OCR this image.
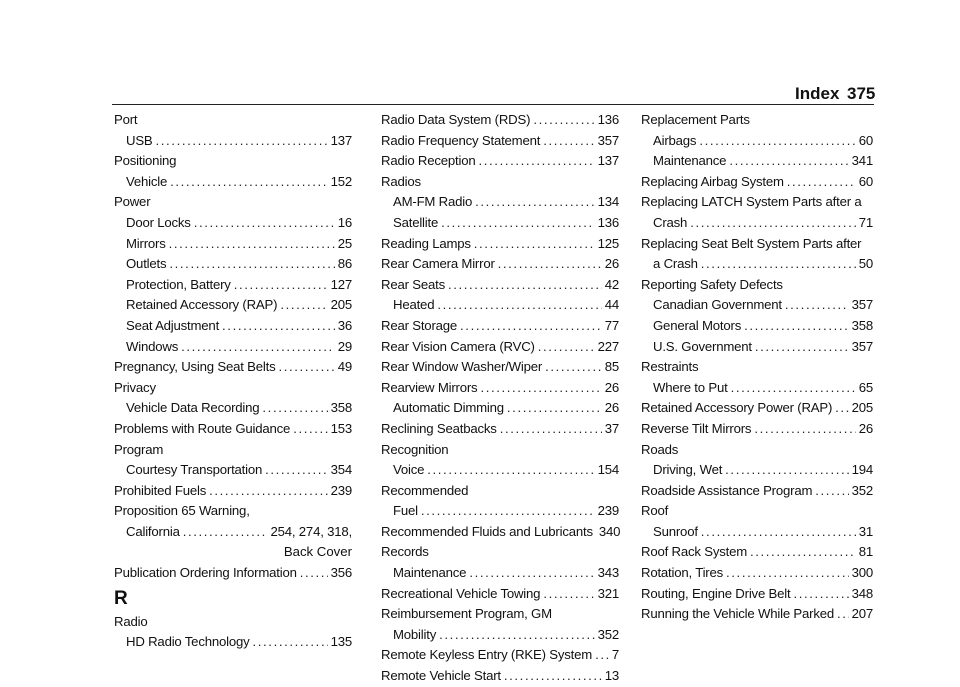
Index 375
Port
USB .....	137
Positioning
Vehicle .....	152
Power
Door Locks .....	16
Mirrors .....	25
Outlets .....	86
Protection, Battery .....	127
Retained Accessory (RAP) .....	205
Seat Adjustment .....	36
Windows .....	29
Pregnancy, Using Seat Belts .....	49
Privacy
Vehicle Data Recording .....	358
Problems with Route Guidance .....	153
Program
Courtesy Transportation .....	354
Prohibited Fuels .....	239
Proposition 65 Warning,
California .....	254, 274, 318,
Back Cover
Publication Ordering Information .....	356
R
Radio
HD Radio Technology .....	135
Radio Data System (RDS) .....	136
Radio Frequency Statement .....	357
Radio Reception .....	137
Radios
AM-FM Radio .....	134
Satellite .....	136
Reading Lamps .....	125
Rear Camera Mirror .....	26
Rear Seats .....	42
Heated .....	44
Rear Storage .....	77
Rear Vision Camera (RVC) .....	227
Rear Window Washer/Wiper .....	85
Rearview Mirrors .....	26
Automatic Dimming .....	26
Reclining Seatbacks .....	37
Recognition
Voice .....	154
Recommended
Fuel .....	239
Recommended Fluids and Lubricants 340
Records
Maintenance .....	343
Recreational Vehicle Towing .....	321
Reimbursement Program, GM
Mobility .....	352
Remote Keyless Entry (RKE) System ..... 7
Remote Vehicle Start .....	13
Replacement Parts
Airbags .....	60
Maintenance .....	341
Replacing Airbag System .....	60
Replacing LATCH System Parts after a
Crash .....	71
Replacing Seat Belt System Parts after
a Crash .....	50
Reporting Safety Defects
Canadian Government .....	357
General Motors .....	358
U.S. Government .....	357
Restraints
Where to Put .....	65
Retained Accessory Power (RAP) ..... 205
Reverse Tilt Mirrors .....	26
Roads
Driving, Wet .....	194
Roadside Assistance Program .....	352
Roof
Sunroof .....	31
Roof Rack System .....	81
Rotation, Tires .....	300
Routing, Engine Drive Belt .....	348
Running the Vehicle While Parked ..... 207
